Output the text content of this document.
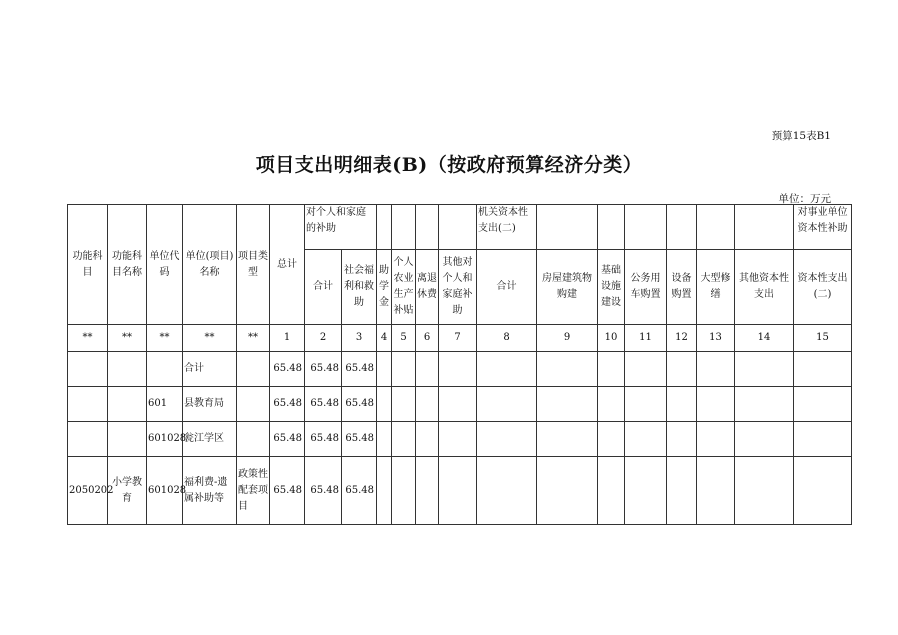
预算15表B1
项目支出明细表(B)（按政府预算经济分类）
单位：万元
功能科目	功能科目名称	单位代码	单位(项目)名称	项目类型	总计	对个人和家庭的补助						机关资本性支出(二)							对事业单位资本性补助
						合计	社会福利和救助	助学金	个人农业生产补贴	离退休费	其他对个人和家庭补助	合计	房屋建筑物购建	基础设施建设	公务用车购置	设备购置	大型修缮	其他资本性支出	资本性支出(二)
**	**	**	**	**	1	2	3	4	5	6	7	8	9	10	11	12	13	14	15
			合计		65.48	65.48	65.48												
		601	县教育局		65.48	65.48	65.48												
		601028	瓮江学区		65.48	65.48	65.48												
2050202	小学教育	601028	福利费-遗属补助等	政策性配套项目	65.48	65.48	65.48												
